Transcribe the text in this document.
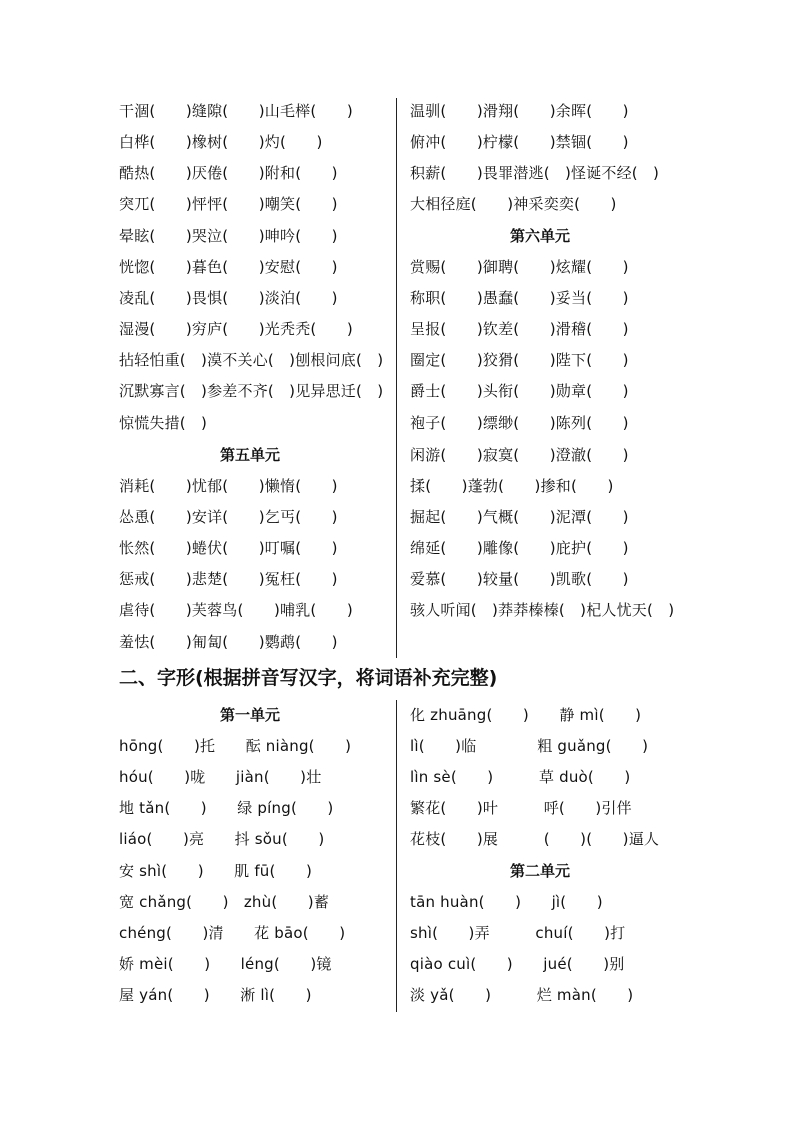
干涸(　　)缝隙(　　)山毛榉(　　)
白桦(　　)橡树(　　)灼(　　)
酷热(　　)厌倦(　　)附和(　　)
突兀(　　)怦怦(　　)嘲笑(　　)
晕眩(　　)哭泣(　　)呻吟(　　)
恍惚(　　)暮色(　　)安慰(　　)
凌乱(　　)畏惧(　　)淡泊(　　)
湿漫(　　)穷庐(　　)光秃秃(　　)
拈轻怕重(　)漠不关心(　)刨根问底(　)
沉默寡言(　)参差不齐(　)见异思迁(　)
惊慌失措(　)
第五单元
消耗(　　)忧郁(　　)懒惰(　　)
怂恿(　　)安详(　　)乞丐(　　)
怅然(　　)蜷伏(　　)叮嘱(　　)
惩戒(　　)悲楚(　　)冤枉(　　)
虐待(　　)芙蓉鸟(　　)哺乳(　　)
羞怯(　　)匍匐(　　)鹦鹉(　　)
温驯(　　)滑翔(　　)余晖(　　)
俯冲(　　)柠檬(　　)禁锢(　　)
积薪(　　)畏罪潜逃(　)怪诞不经(　)
大相径庭(　　)神采奕奕(　　)
第六单元
赏赐(　　)御聘(　　)炫耀(　　)
称职(　　)愚蠢(　　)妥当(　　)
呈报(　　)钦差(　　)滑稽(　　)
圈定(　　)狡猾(　　)陛下(　　)
爵士(　　)头衔(　　)勋章(　　)
袍子(　　)缥缈(　　)陈列(　　)
闲游(　　)寂寞(　　)澄澈(　　)
揉(　　)蓬勃(　　)掺和(　　)
掘起(　　)气概(　　)泥潭(　　)
绵延(　　)雕像(　　)庇护(　　)
爱慕(　　)较量(　　)凯歌(　　)
骇人听闻(　)莽莽榛榛(　)杞人忧天(　)
二、字形(根据拼音写汉字，将词语补充完整)
第一单元
hōng(　　)托　　酝 niàng(　　)
hóu(　　)咙　　jiàn(　　)壮
地 tǎn(　　)　　绿 píng(　　)
liáo(　　)亮　　抖 sǒu(　　)
安 shì(　　)　　肌 fū(　　)
宽 chǎng(　　)　zhù(　　)蓄
chéng(　　)清　　花 bāo(　　)
娇 mèi(　　)　　léng(　　)镜
屋 yán(　　)　　淅 lì(　　)
化 zhuāng(　　)　　静 mì(　　)
lì(　　)临　　　　粗 guǎng(　　)
lìn sè(　　)　　　草 duò(　　)
繁花(　　)叶　　　呼(　　)引伴
花枝(　　)展　　　(　　)(　　)逼人
第二单元
tān huàn(　　)　　jì(　　)
shì(　　)弄　　　chuí(　　)打
qiào cuì(　　)　　jué(　　)别
淡 yǎ(　　)　　　烂 màn(　　)
